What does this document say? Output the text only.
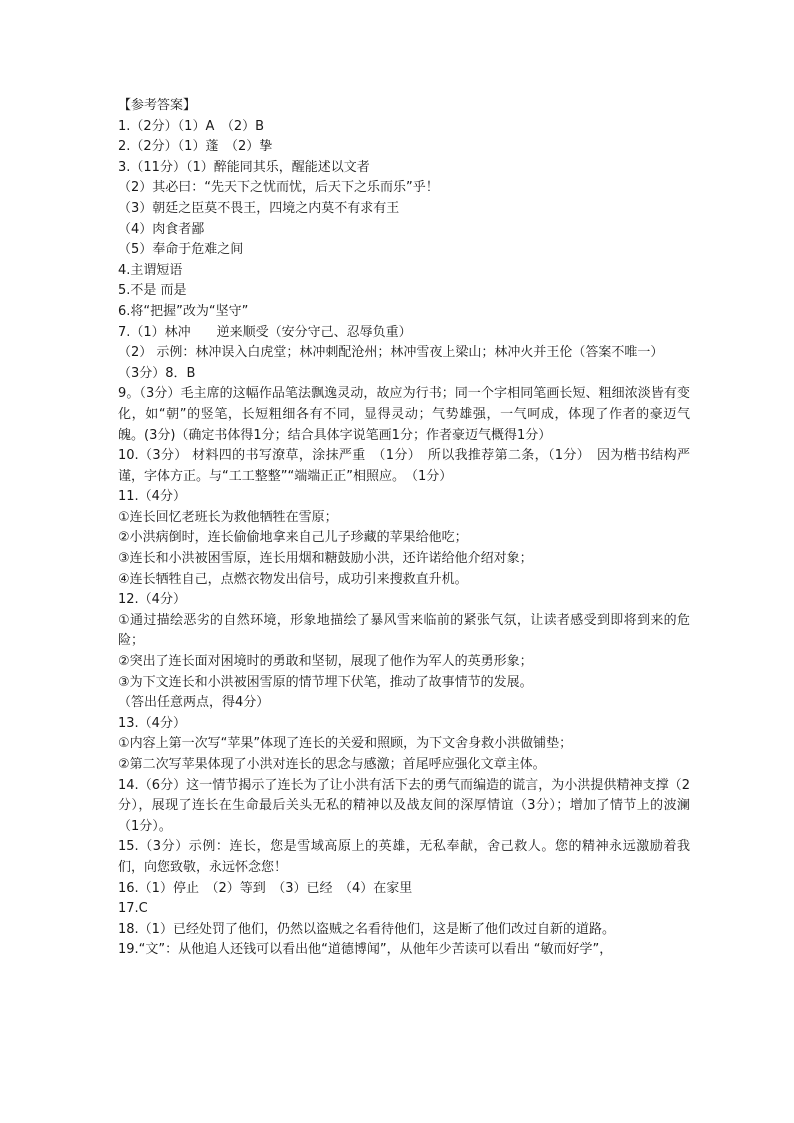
【参考答案】
1.（2分）（1）A　（2）B
2.（2分）（1）蓬　（2）挚
3.（11分）（1）醉能同其乐，醒能述以文者
（2）其必曰：“先天下之忧而忧，后天下之乐而乐”乎！
（3）朝廷之臣莫不畏王，四境之内莫不有求有王
（4）肉食者鄙
（5）奉命于危难之间
4.主谓短语
5.不是 而是
6.将“把握”改为“坚守”
7.（1）林冲　　逆来顺受（安分守己、忍辱负重）
（2） 示例：林冲误入白虎堂；林冲刺配沧州；林冲雪夜上梁山；林冲火并王伦（答案不唯一）
（3分）8．B
9。（3分）毛主席的这幅作品笔法飘逸灵动，故应为行书；同一个字相同笔画长短、粗细浓淡皆有变化，如“朝”的竖笔，长短粗细各有不同，显得灵动；气势雄强，一气呵成，体现了作者的豪迈气魄。(3分)（确定书体得1分；结合具体字说笔画1分；作者豪迈气概得1分）
10.（3分） 材料四的书写潦草，涂抹严重　（1分）　所以我推荐第二条，（1分）　因为楷书结构严谨，字体方正。与“工工整整”“端端正正”相照应。　（1分）
11.（4分）
①连长回忆老班长为救他牺牲在雪原；
②小洪病倒时，连长偷偷地拿来自己儿子珍藏的苹果给他吃；
③连长和小洪被困雪原，连长用烟和糖鼓励小洪，还许诺给他介绍对象；
④连长牺牲自己，点燃衣物发出信号，成功引来搜救直升机。
12.（4分）
①通过描绘恶劣的自然环境，形象地描绘了暴风雪来临前的紧张气氛，让读者感受到即将到来的危险；
②突出了连长面对困境时的勇敢和坚韧，展现了他作为军人的英勇形象；
③为下文连长和小洪被困雪原的情节埋下伏笔，推动了故事情节的发展。
（答出任意两点，得4分）
13.（4分）
①内容上第一次写“苹果”体现了连长的关爱和照顾，为下文舍身救小洪做铺垫；
②第二次写苹果体现了小洪对连长的思念与感激；首尾呼应强化文章主体。
14.（6分）这一情节揭示了连长为了让小洪有活下去的勇气而编造的谎言，为小洪提供精神支撑（2分），展现了连长在生命最后关头无私的精神以及战友间的深厚情谊（3分）；增加了情节上的波澜（1分）。
15.（3分）示例：连长，您是雪域高原上的英雄，无私奉献，舍己救人。您的精神永远激励着我们，向您致敬，永远怀念您！
16.（1）停止　（2）等到　（3）已经　（4）在家里
17.C
18.（1）已经处罚了他们，仍然以盗贼之名看待他们，这是断了他们改过自新的道路。
19.“文”：从他追人还钱可以看出他“道德博闻”，从他年少苦读可以看出 “敏而好学”，
